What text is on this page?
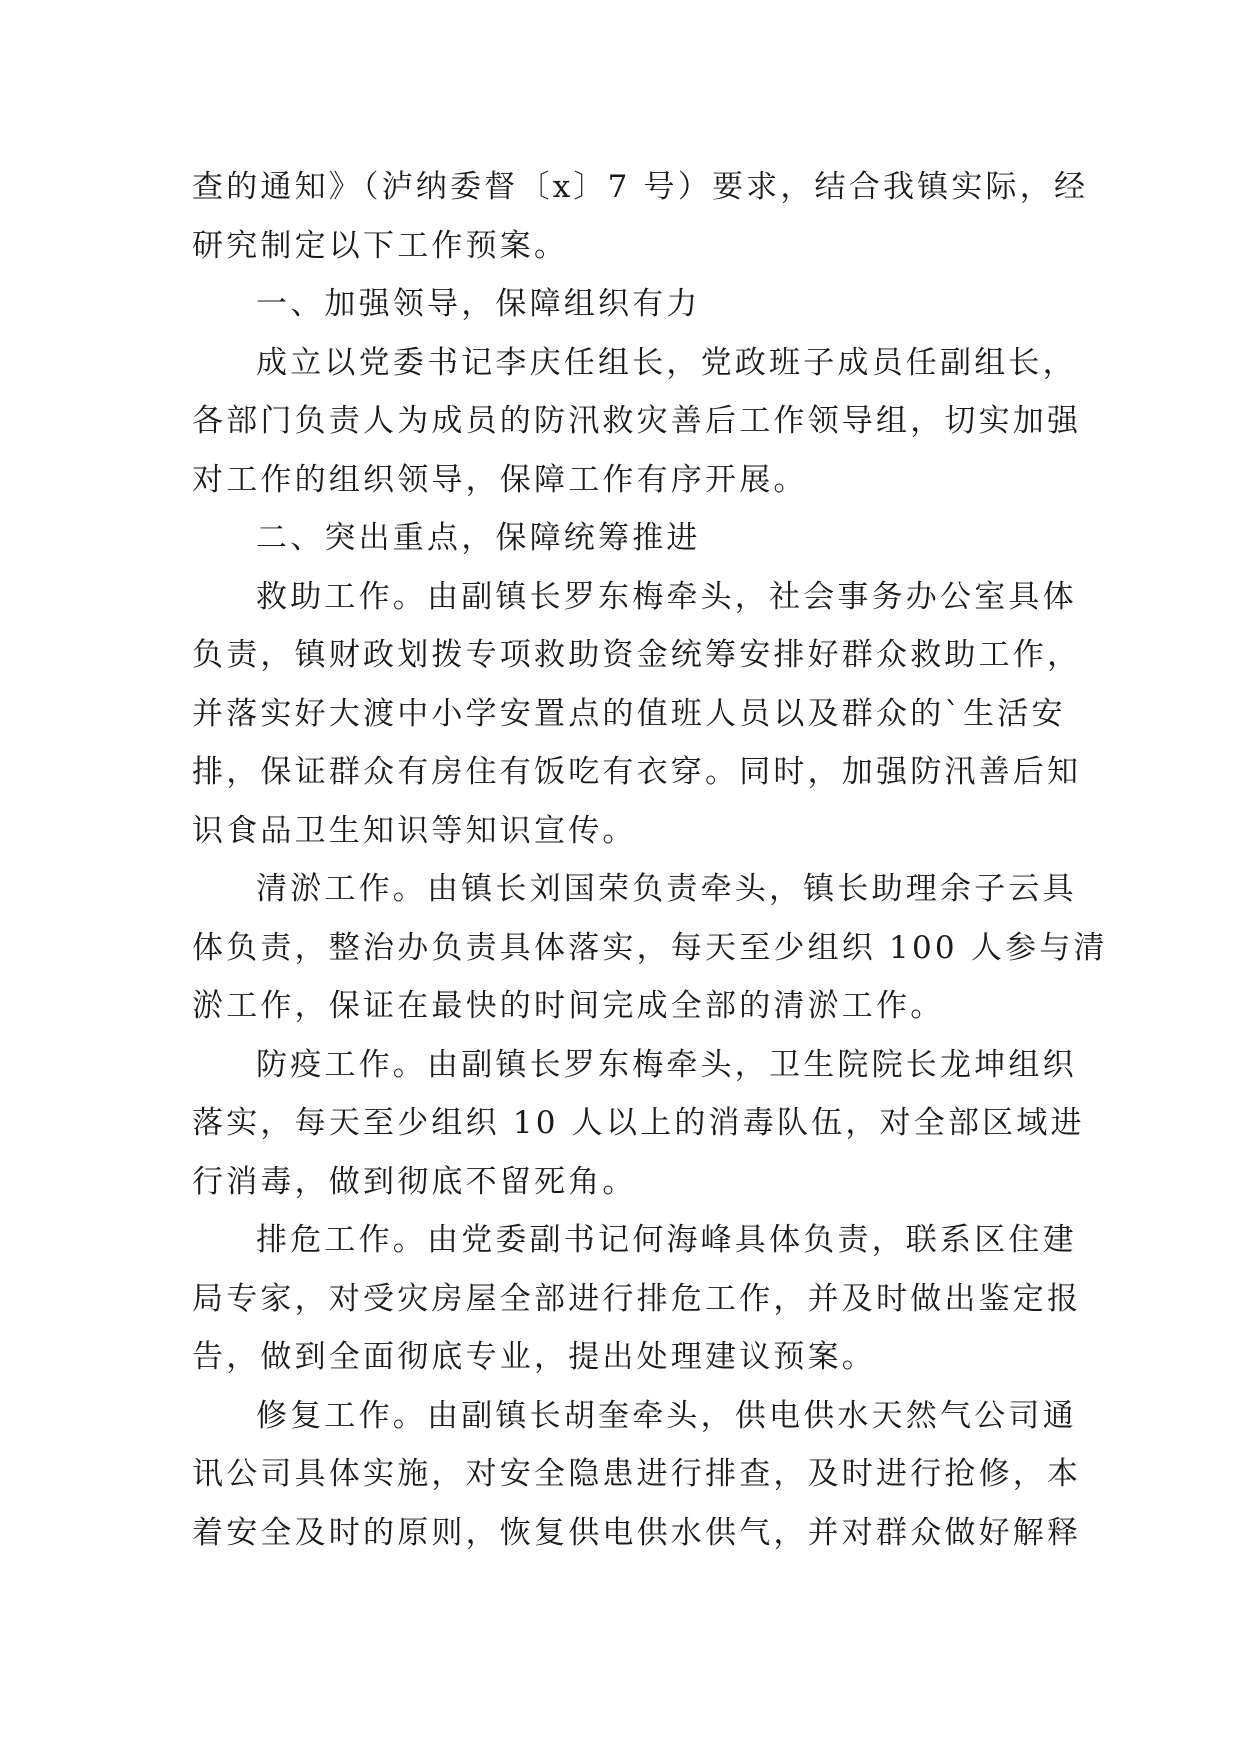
查的通知》（泸纳委督〔x〕7 号）要求，结合我镇实际，经
研究制定以下工作预案。
一、加强领导，保障组织有力
成立以党委书记李庆任组长，党政班子成员任副组长，
各部门负责人为成员的防汛救灾善后工作领导组，切实加强
对工作的组织领导，保障工作有序开展。
二、突出重点，保障统筹推进
救助工作。由副镇长罗东梅牵头，社会事务办公室具体
负责，镇财政划拨专项救助资金统筹安排好群众救助工作，
并落实好大渡中小学安置点的值班人员以及群众的`生活安
排，保证群众有房住有饭吃有衣穿。同时，加强防汛善后知
识食品卫生知识等知识宣传。
清淤工作。由镇长刘国荣负责牵头，镇长助理余子云具
体负责，整治办负责具体落实，每天至少组织 100 人参与清
淤工作，保证在最快的时间完成全部的清淤工作。
防疫工作。由副镇长罗东梅牵头，卫生院院长龙坤组织
落实，每天至少组织 10 人以上的消毒队伍，对全部区域进
行消毒，做到彻底不留死角。
排危工作。由党委副书记何海峰具体负责，联系区住建
局专家，对受灾房屋全部进行排危工作，并及时做出鉴定报
告，做到全面彻底专业，提出处理建议预案。
修复工作。由副镇长胡奎牵头，供电供水天然气公司通
讯公司具体实施，对安全隐患进行排查，及时进行抢修，本
着安全及时的原则，恢复供电供水供气，并对群众做好解释
